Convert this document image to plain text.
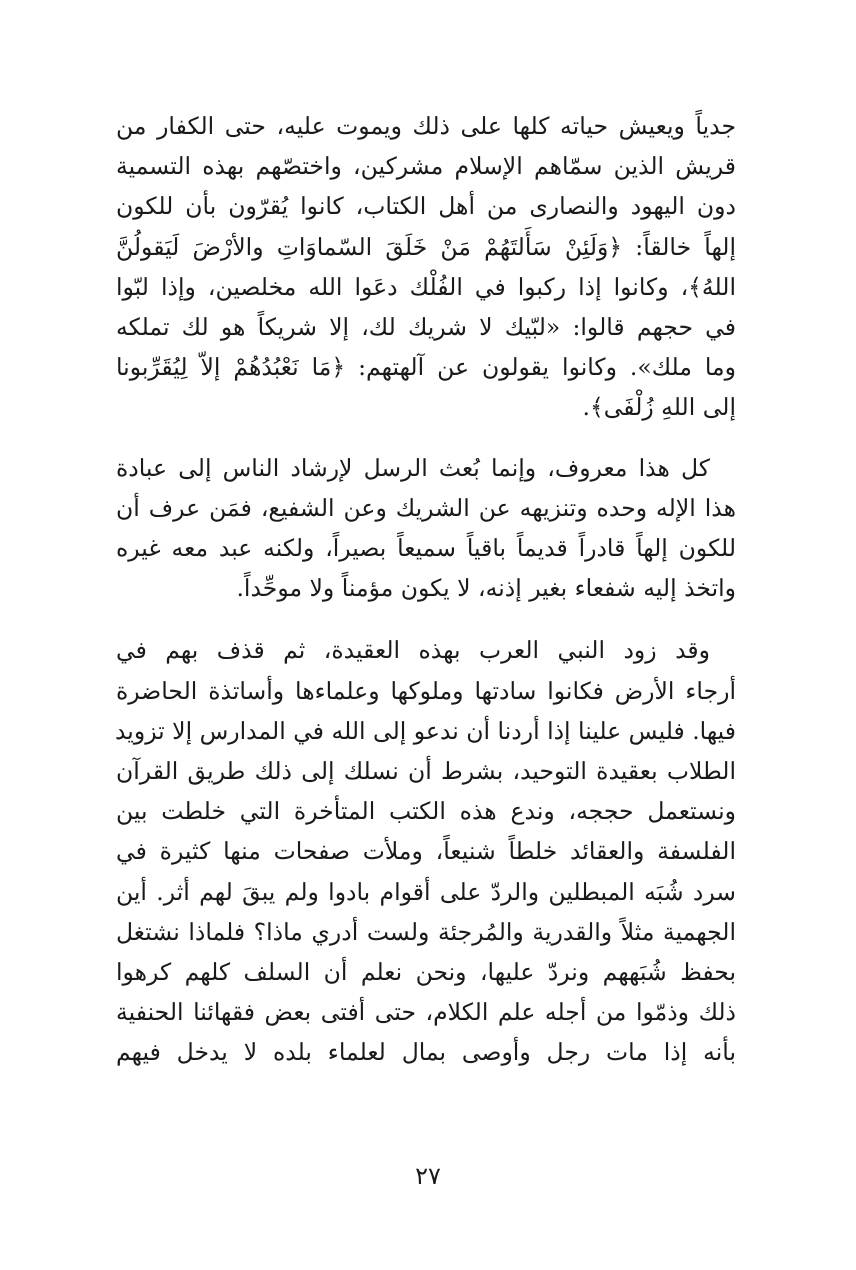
جدياً ويعيش حياته كلها على ذلك ويموت عليه، حتى الكفار من
قريش الذين سمّاهم الإسلام مشركين، واختصّهم بهذه التسمية
دون اليهود والنصارى من أهل الكتاب، كانوا يُقرّون بأن للكون
إلهاً خالقاً: ﴿وَلَئِنْ سَأَلتَهُمْ مَنْ خَلَقَ السّماوَاتِ والأرْضَ لَيَقولُنَّ
اللهُ﴾، وكانوا إذا ركبوا في الفُلْك دعَوا الله مخلصين، وإذا لبّوا
في حجهم قالوا: «لبّيك لا شريك لك، إلا شريكاً هو لك تملكه
وما ملك». وكانوا يقولون عن آلهتهم: ﴿مَا نَعْبُدُهُمْ إلاّ لِيُقَرِّبونا
إلى اللهِ زُلْفَى﴾.

كل هذا معروف، وإنما بُعث الرسل لإرشاد الناس إلى عبادة
هذا الإله وحده وتنزيهه عن الشريك وعن الشفيع، فمَن عرف أن
للكون إلهاً قادراً قديماً باقياً سميعاً بصيراً، ولكنه عبد معه غيره
واتخذ إليه شفعاء بغير إذنه، لا يكون مؤمناً ولا موحِّداً.

وقد زود النبي العرب بهذه العقيدة، ثم قذف بهم في
أرجاء الأرض فكانوا سادتها وملوكها وعلماءها وأساتذة الحاضرة
فيها. فليس علينا إذا أردنا أن ندعو إلى الله في المدارس إلا تزويد
الطلاب بعقيدة التوحيد، بشرط أن نسلك إلى ذلك طريق القرآن
ونستعمل حججه، وندع هذه الكتب المتأخرة التي خلطت بين
الفلسفة والعقائد خلطاً شنيعاً، وملأت صفحات منها كثيرة في
سرد شُبَه المبطلين والردّ على أقوام بادوا ولم يبقَ لهم أثر. أين
الجهمية مثلاً والقدرية والمُرجئة ولست أدري ماذا؟ فلماذا نشتغل
بحفظ شُبَههم ونردّ عليها، ونحن نعلم أن السلف كلهم كرهوا
ذلك وذمّوا من أجله علم الكلام، حتى أفتى بعض فقهائنا الحنفية
بأنه إذا مات رجل وأوصى بمال لعلماء بلده لا يدخل فيهم

٢٧
